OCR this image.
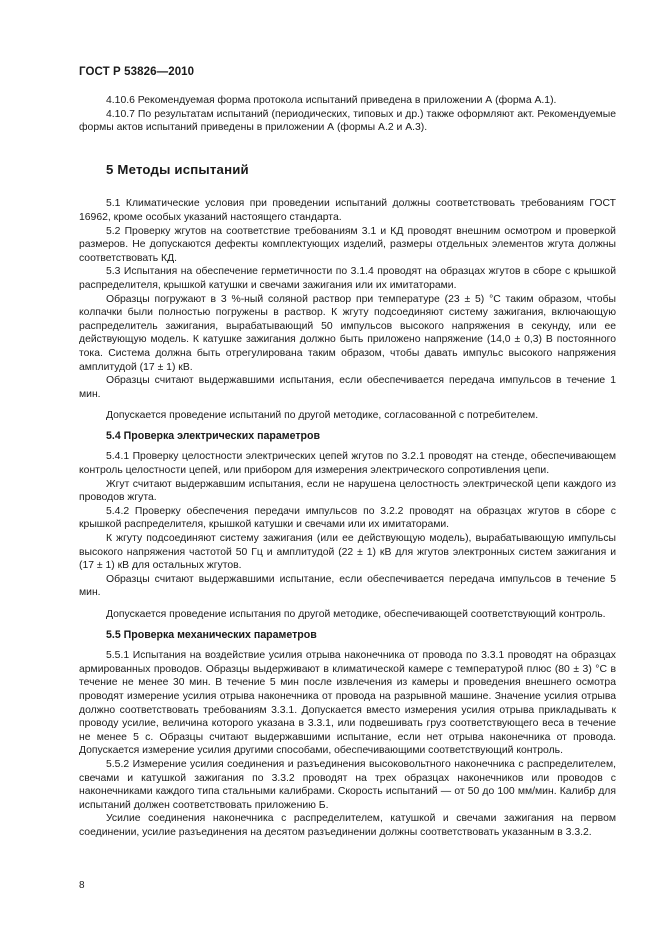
ГОСТ Р 53826—2010

4.10.6 Рекомендуемая форма протокола испытаний приведена в приложении А (форма А.1).

4.10.7 По результатам испытаний (периодических, типовых и др.) также оформляют акт. Рекомендуемые формы актов испытаний приведены в приложении А (формы А.2 и А.3).

5 Методы испытаний

5.1 Климатические условия при проведении испытаний должны соответствовать требованиям ГОСТ 16962, кроме особых указаний настоящего стандарта.

5.2 Проверку жгутов на соответствие требованиям 3.1 и КД проводят внешним осмотром и проверкой размеров. Не допускаются дефекты комплектующих изделий, размеры отдельных элементов жгута должны соответствовать КД.

5.3 Испытания на обеспечение герметичности по 3.1.4 проводят на образцах жгутов в сборе с крышкой распределителя, крышкой катушки и свечами зажигания или их имитаторами.

Образцы погружают в 3 %-ный соляной раствор при температуре (23 ± 5) °С таким образом, чтобы колпачки были полностью погружены в раствор. К жгуту подсоединяют систему зажигания, включающую распределитель зажигания, вырабатывающий 50 импульсов высокого напряжения в секунду, или ее действующую модель. К катушке зажигания должно быть приложено напряжение (14,0 ± 0,3) В постоянного тока. Система должна быть отрегулирована таким образом, чтобы давать импульс высокого напряжения амплитудой (17 ± 1) кВ.

Образцы считают выдержавшими испытания, если обеспечивается передача импульсов в течение 1 мин.

Допускается проведение испытаний по другой методике, согласованной с потребителем.

5.4 Проверка электрических параметров

5.4.1 Проверку целостности электрических цепей жгутов по 3.2.1 проводят на стенде, обеспечивающем контроль целостности цепей, или прибором для измерения электрического сопротивления цепи.

Жгут считают выдержавшим испытания, если не нарушена целостность электрической цепи каждого из проводов жгута.

5.4.2 Проверку обеспечения передачи импульсов по 3.2.2 проводят на образцах жгутов в сборе с крышкой распределителя, крышкой катушки и свечами или их имитаторами.

К жгуту подсоединяют систему зажигания (или ее действующую модель), вырабатывающую импульсы высокого напряжения частотой 50 Гц и амплитудой (22 ± 1) кВ для жгутов электронных систем зажигания и (17 ± 1) кВ для остальных жгутов.

Образцы считают выдержавшими испытание, если обеспечивается передача импульсов в течение 5 мин.

Допускается проведение испытания по другой методике, обеспечивающей соответствующий контроль.

5.5 Проверка механических параметров

5.5.1 Испытания на воздействие усилия отрыва наконечника от провода по 3.3.1 проводят на образцах армированных проводов. Образцы выдерживают в климатической камере с температурой плюс (80 ± 3) °С в течение не менее 30 мин. В течение 5 мин после извлечения из камеры и проведения внешнего осмотра проводят измерение усилия отрыва наконечника от провода на разрывной машине. Значение усилия отрыва должно соответствовать требованиям 3.3.1. Допускается вместо измерения усилия отрыва прикладывать к проводу усилие, величина которого указана в 3.3.1, или подвешивать груз соответствующего веса в течение не менее 5 с. Образцы считают выдержавшими испытание, если нет отрыва наконечника от провода. Допускается измерение усилия другими способами, обеспечивающими соответствующий контроль.

5.5.2 Измерение усилия соединения и разъединения высоковольтного наконечника с распределителем, свечами и катушкой зажигания по 3.3.2 проводят на трех образцах наконечников или проводов с наконечниками каждого типа стальными калибрами. Скорость испытаний — от 50 до 100 мм/мин. Калибр для испытаний должен соответствовать приложению Б.

Усилие соединения наконечника с распределителем, катушкой и свечами зажигания на первом соединении, усилие разъединения на десятом разъединении должны соответствовать указанным в 3.3.2.

8
